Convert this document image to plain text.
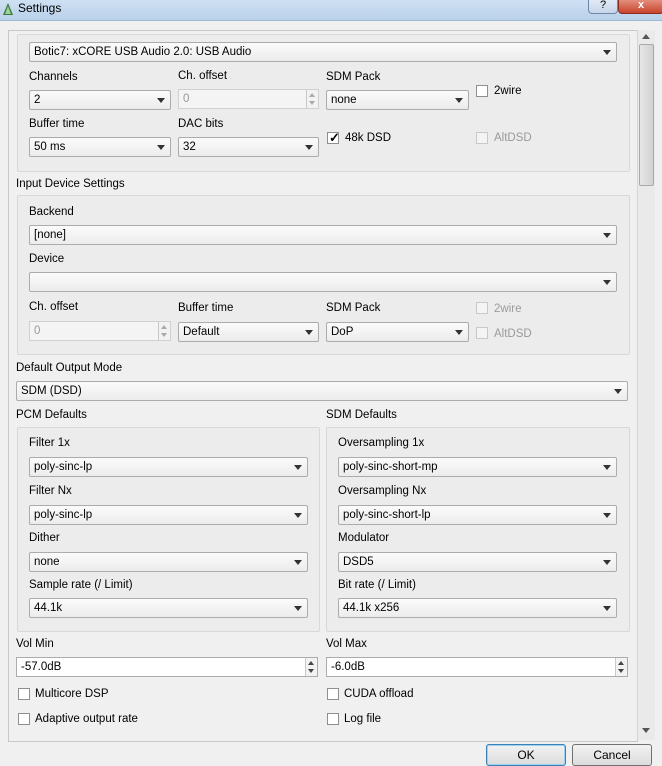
Settings	?	x
Botic7: xCORE USB Audio 2.0: USB Audio
Channels
2
Ch. offset
0
SDM Pack
none
2wire
Buffer time
50 ms
DAC bits
32
✓ 48k DSD	AltDSD
Input Device Settings
Backend
[none]
Device
Ch. offset
0
Buffer time
Default
SDM Pack
DoP
2wire
AltDSD
Default Output Mode
SDM (DSD)
PCM Defaults
Filter 1x
poly-sinc-lp
Filter Nx
poly-sinc-lp
Dither
none
Sample rate (/ Limit)
44.1k
SDM Defaults
Oversampling 1x
poly-sinc-short-mp
Oversampling Nx
poly-sinc-short-lp
Modulator
DSD5
Bit rate (/ Limit)
44.1k x256
Vol Min
-57.0dB
Vol Max
-6.0dB
Multicore DSP	CUDA offload
Adaptive output rate	Log file
OK	Cancel
